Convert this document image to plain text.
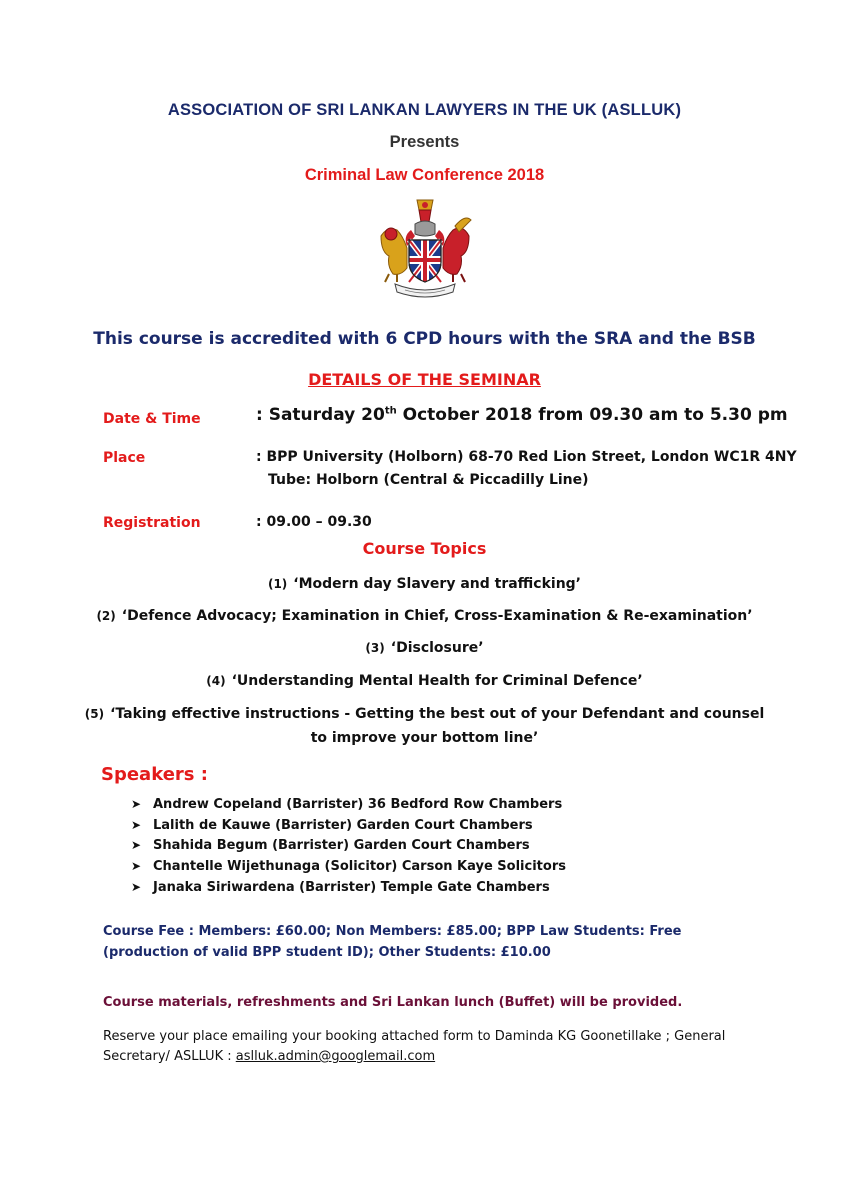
ASSOCIATION OF SRI LANKAN LAWYERS IN THE UK (ASLLUK)
Presents
Criminal Law Conference 2018
This course is accredited with 6 CPD hours with the SRA and the BSB
DETAILS OF THE SEMINAR
Date & Time	: Saturday 20th October 2018 from 09.30 am to 5.30 pm
Place	: BPP University (Holborn) 68-70 Red Lion Street, London WC1R 4NY
Tube: Holborn (Central & Piccadilly Line)
Registration	: 09.00 – 09.30
Course Topics
(1) ‘Modern day Slavery and trafficking’
(2) ‘Defence Advocacy; Examination in Chief, Cross-Examination & Re-examination’
(3) ‘Disclosure’
(4) ‘Understanding Mental Health for Criminal Defence’
(5) ‘Taking effective instructions - Getting the best out of your Defendant and counsel
to improve your bottom line’
Speakers :
➤ Andrew Copeland (Barrister) 36 Bedford Row Chambers
➤ Lalith de Kauwe (Barrister) Garden Court Chambers
➤ Shahida Begum (Barrister) Garden Court Chambers
➤ Chantelle Wijethunaga (Solicitor) Carson Kaye Solicitors
➤ Janaka Siriwardena (Barrister) Temple Gate Chambers
Course Fee : Members: £60.00; Non Members: £85.00; BPP Law Students: Free (production of valid BPP student ID); Other Students: £10.00
Course materials, refreshments and Sri Lankan lunch (Buffet) will be provided.
Reserve your place emailing your booking attached form to Daminda KG Goonetillake ; General Secretary/ ASLLUK : aslluk.admin@googlemail.com
